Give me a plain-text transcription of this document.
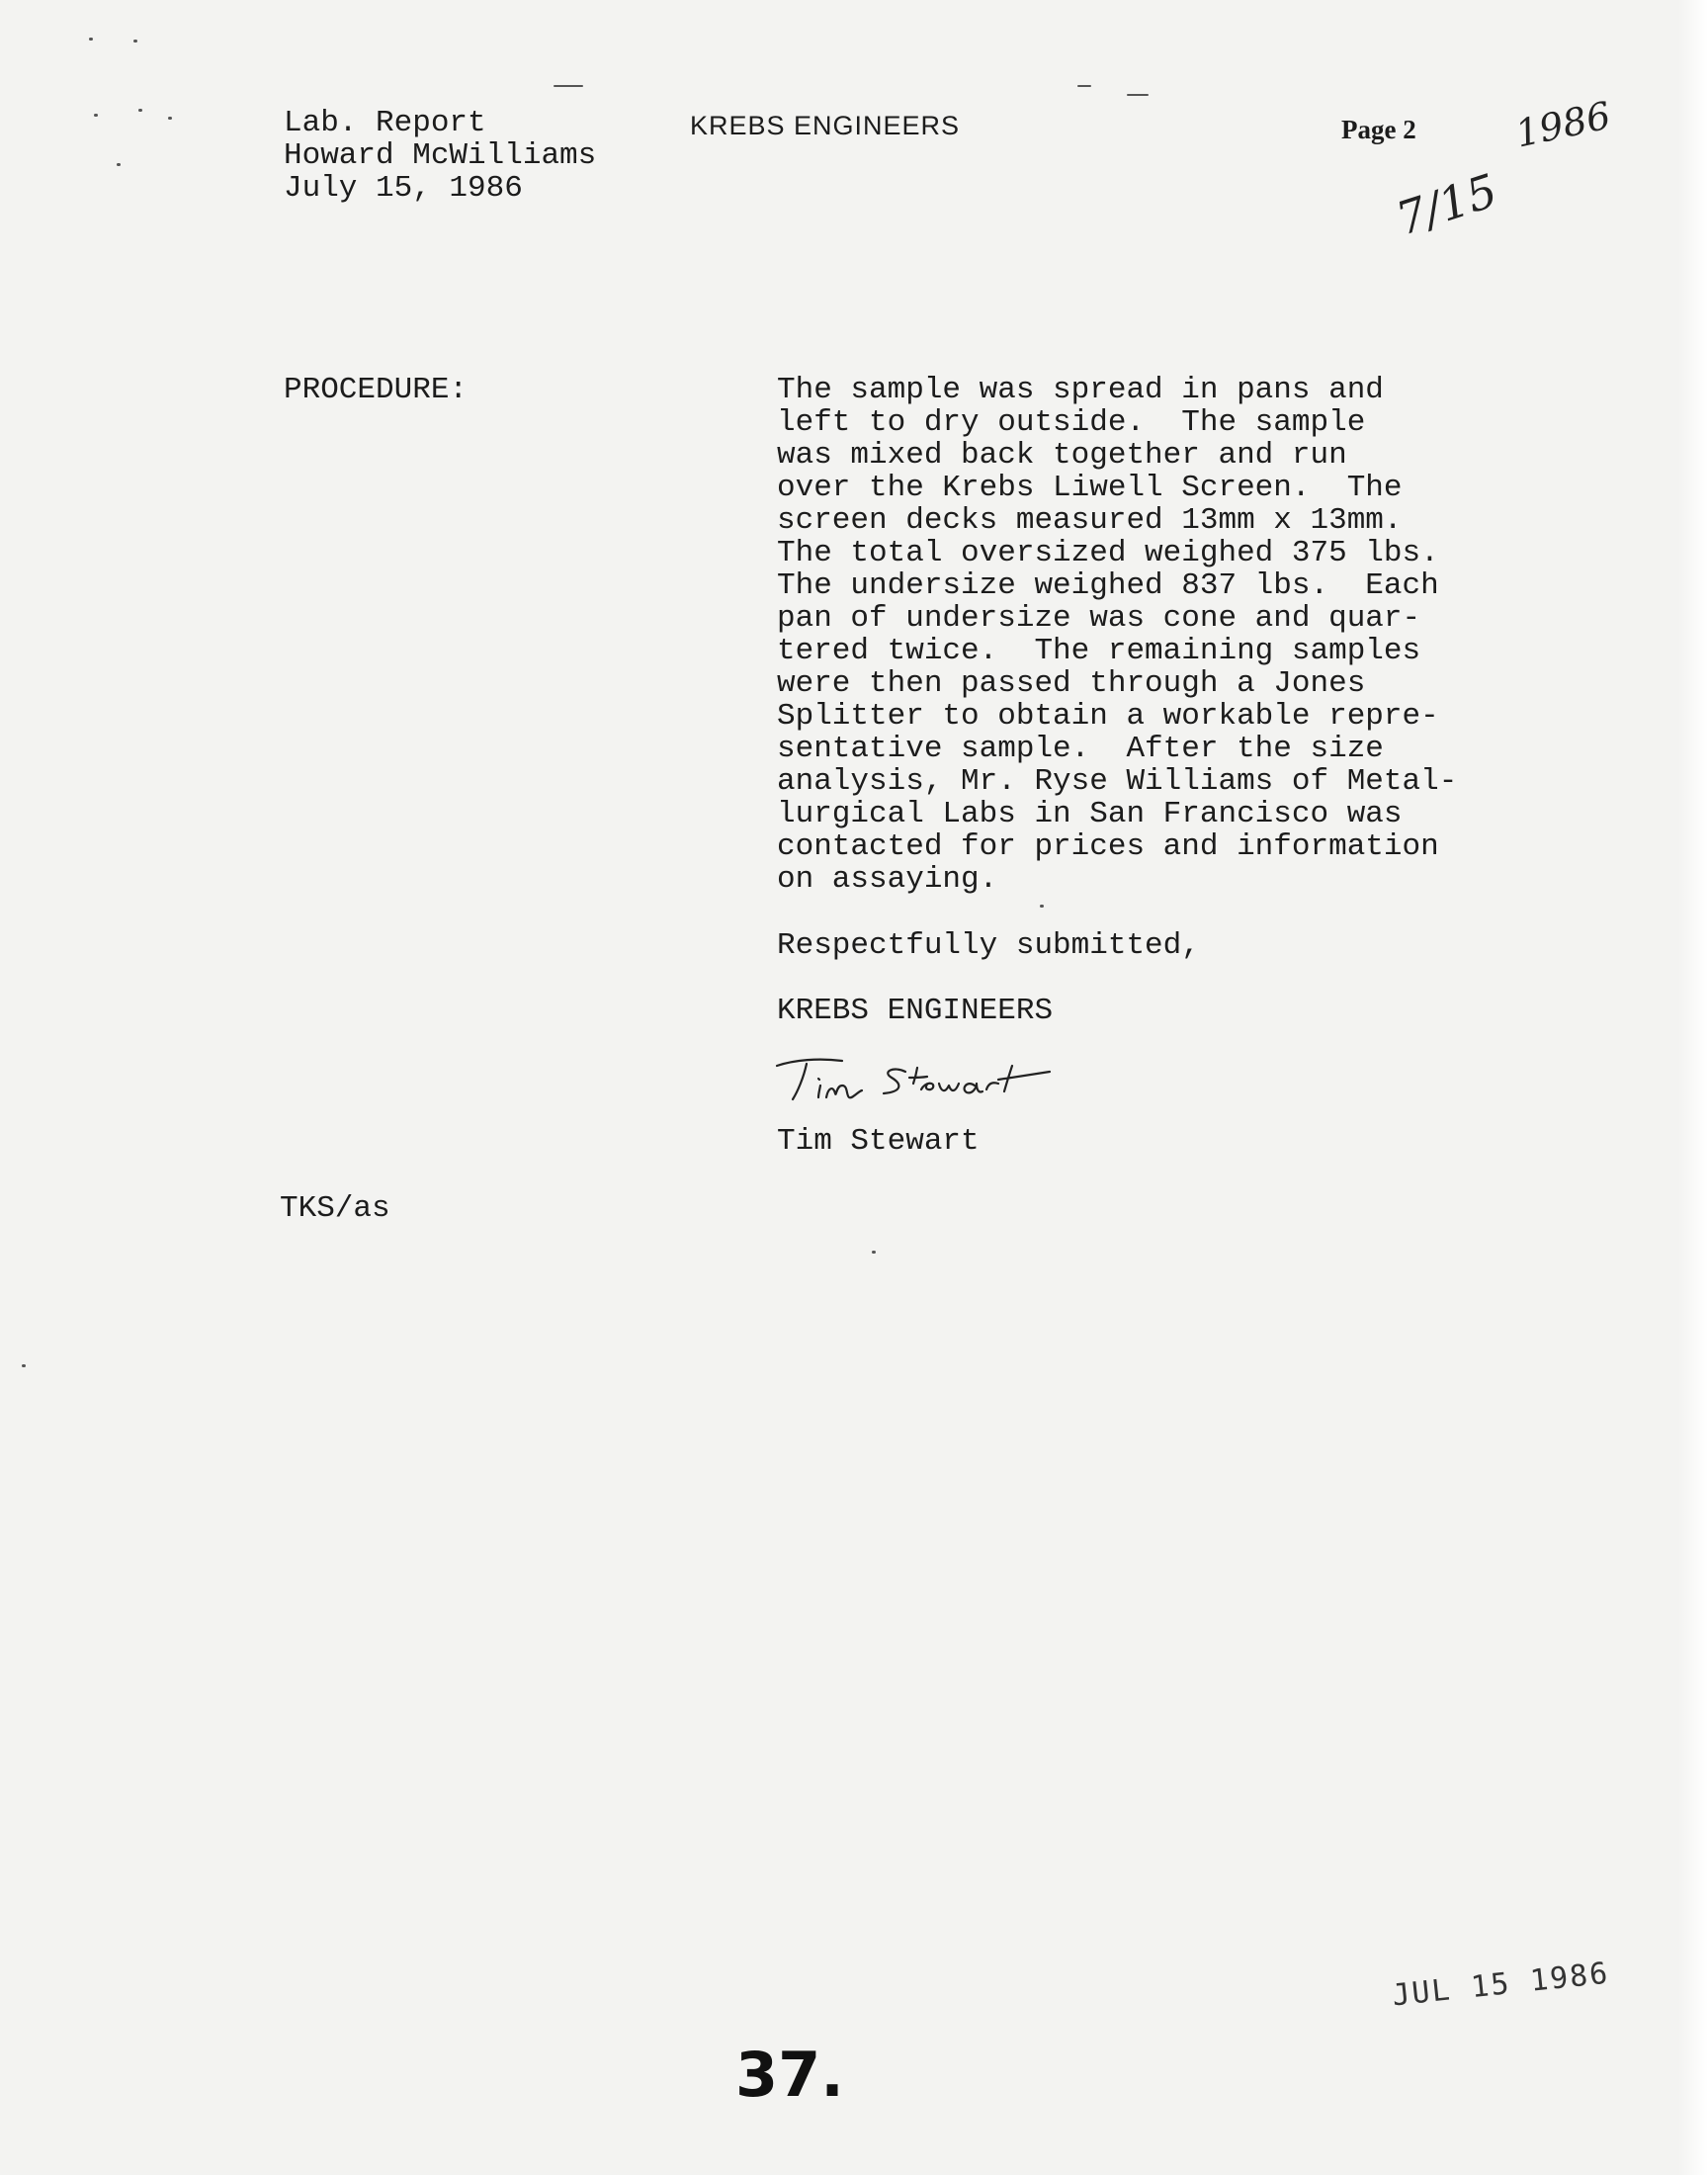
Lab. Report
Howard McWilliams
July 15, 1986
KREBS ENGINEERS	Page 2	1986
7/15
PROCEDURE:	The sample was spread in pans and
left to dry outside.  The sample
was mixed back together and run
over the Krebs Liwell Screen.  The
screen decks measured 13mm x 13mm.
The total oversized weighed 375 lbs.
The undersize weighed 837 lbs.  Each
pan of undersize was cone and quar-
tered twice.  The remaining samples
were then passed through a Jones
Splitter to obtain a workable repre-
sentative sample.  After the size
analysis, Mr. Ryse Williams of Metal-
lurgical Labs in San Francisco was
contacted for prices and information
on assaying.
Respectfully submitted,
KREBS ENGINEERS
Tim Stewart
TKS/as
JUL 15 1986
37.
